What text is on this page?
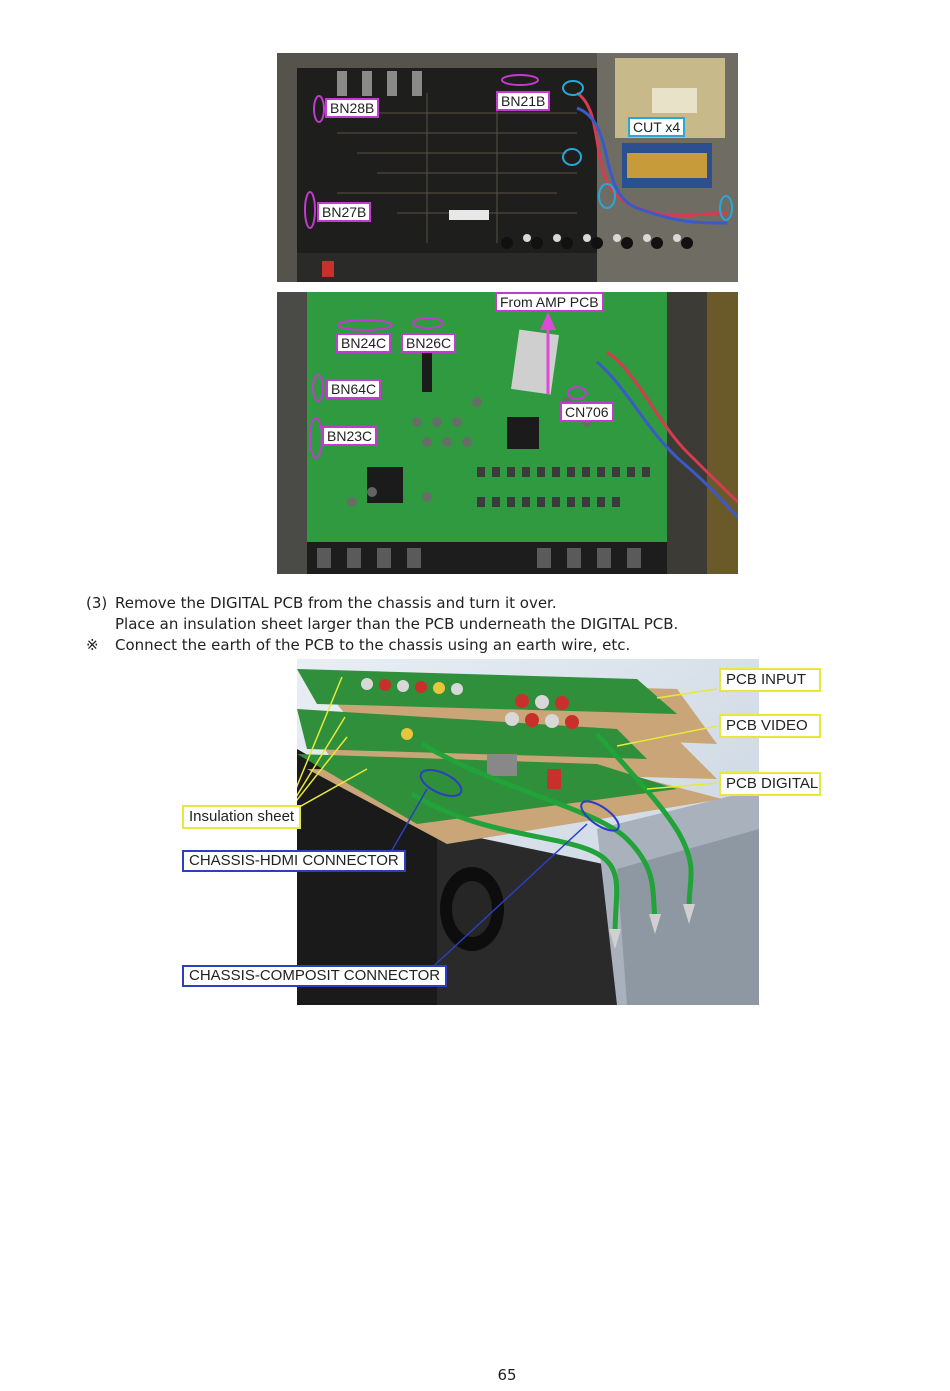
BN28B	BN21B
CUT x4
BN27B
From AMP PCB
BN24C	BN26C
BN64C
CN706
BN23C
(3) Remove the DIGITAL PCB from the chassis and turn it over.
Place an insulation sheet larger than the PCB underneath the DIGITAL PCB.
※ Connect the earth of the PCB to the chassis using an earth wire, etc.
PCB INPUT
PCB VIDEO
PCB DIGITAL
Insulation sheet
CHASSIS-HDMI CONNECTOR
CHASSIS-COMPOSIT CONNECTOR
65
